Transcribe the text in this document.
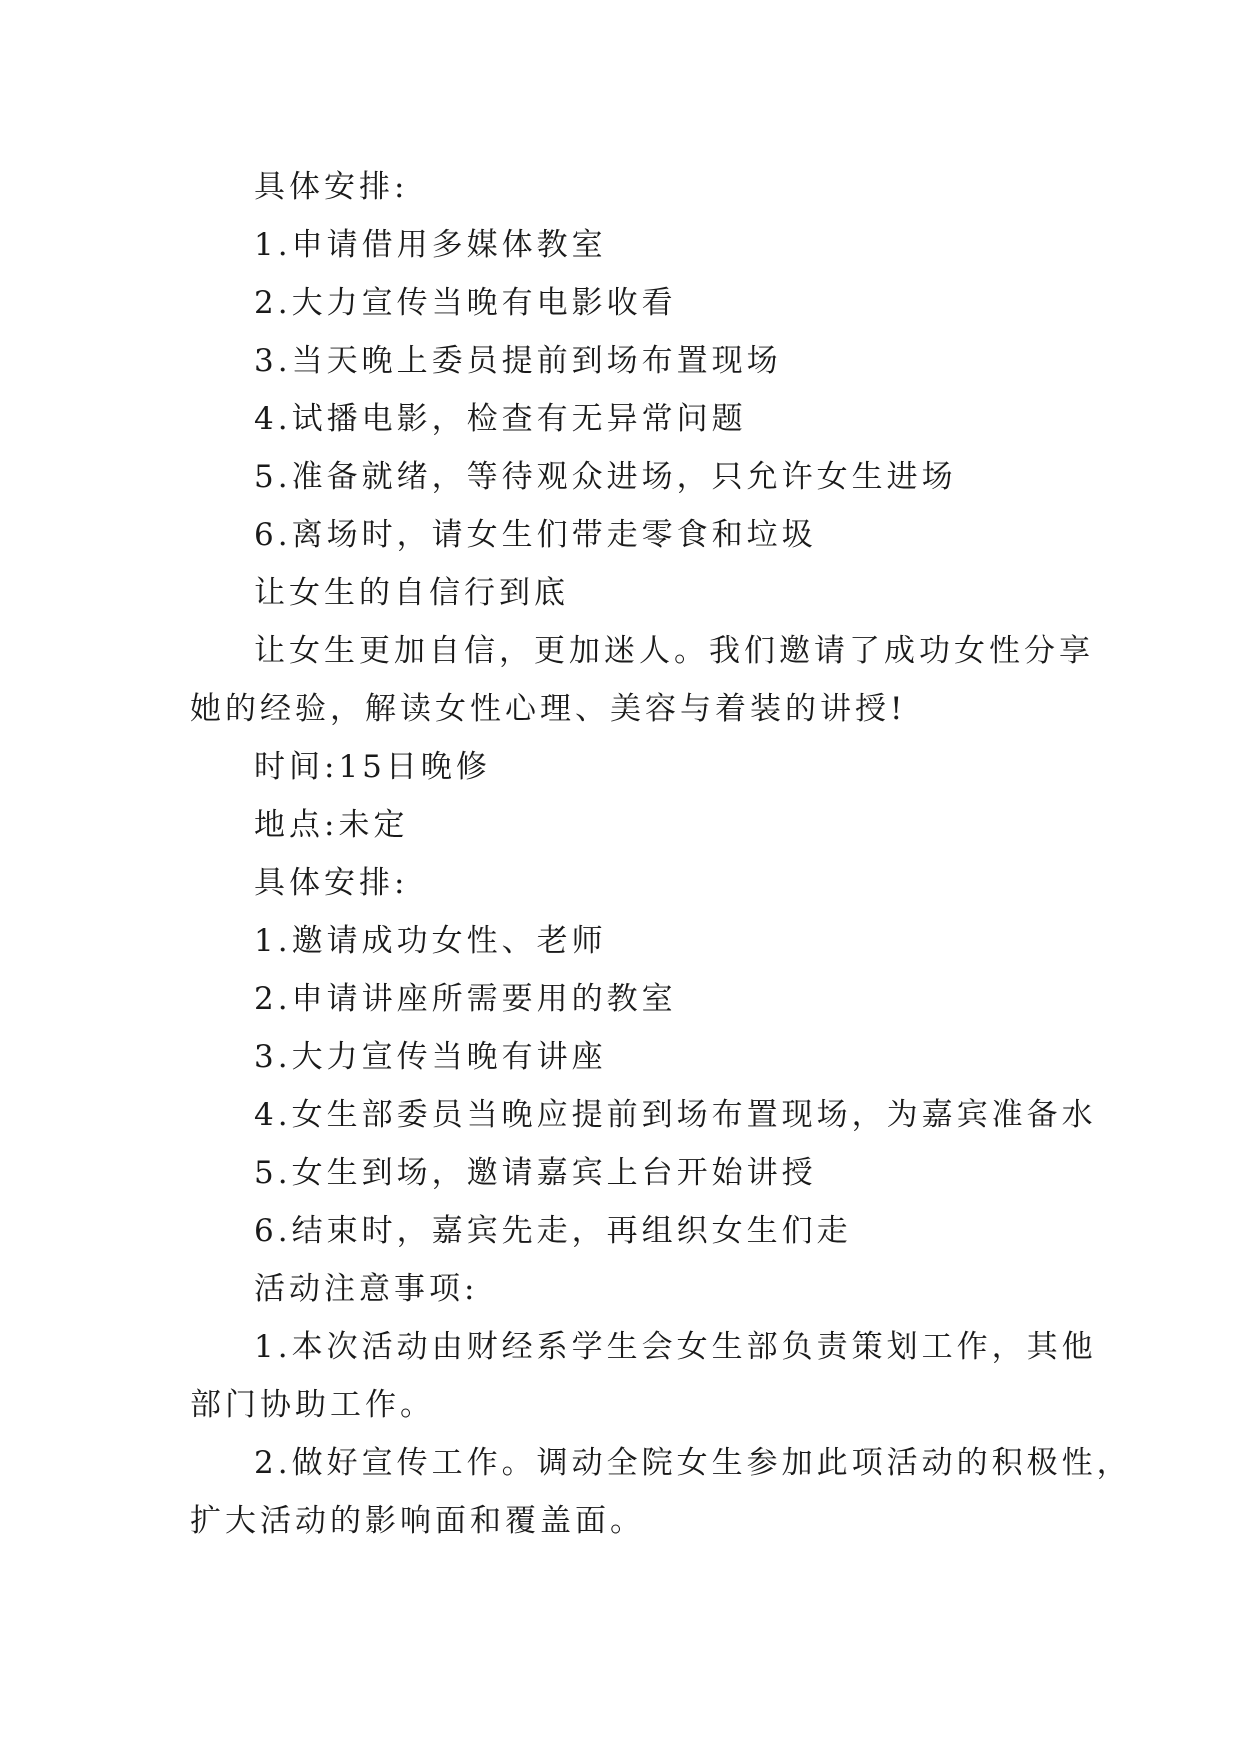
具体安排:
1.申请借用多媒体教室
2.大力宣传当晚有电影收看
3.当天晚上委员提前到场布置现场
4.试播电影，检查有无异常问题
5.准备就绪，等待观众进场，只允许女生进场
6.离场时，请女生们带走零食和垃圾
让女生的自信行到底
让女生更加自信，更加迷人。我们邀请了成功女性分享
她的经验，解读女性心理、美容与着装的讲授!
时间:15日晚修
地点:未定
具体安排:
1.邀请成功女性、老师
2.申请讲座所需要用的教室
3.大力宣传当晚有讲座
4.女生部委员当晚应提前到场布置现场，为嘉宾准备水
5.女生到场，邀请嘉宾上台开始讲授
6.结束时，嘉宾先走，再组织女生们走
活动注意事项:
1.本次活动由财经系学生会女生部负责策划工作，其他
部门协助工作。
2.做好宣传工作。调动全院女生参加此项活动的积极性，
扩大活动的影响面和覆盖面。
